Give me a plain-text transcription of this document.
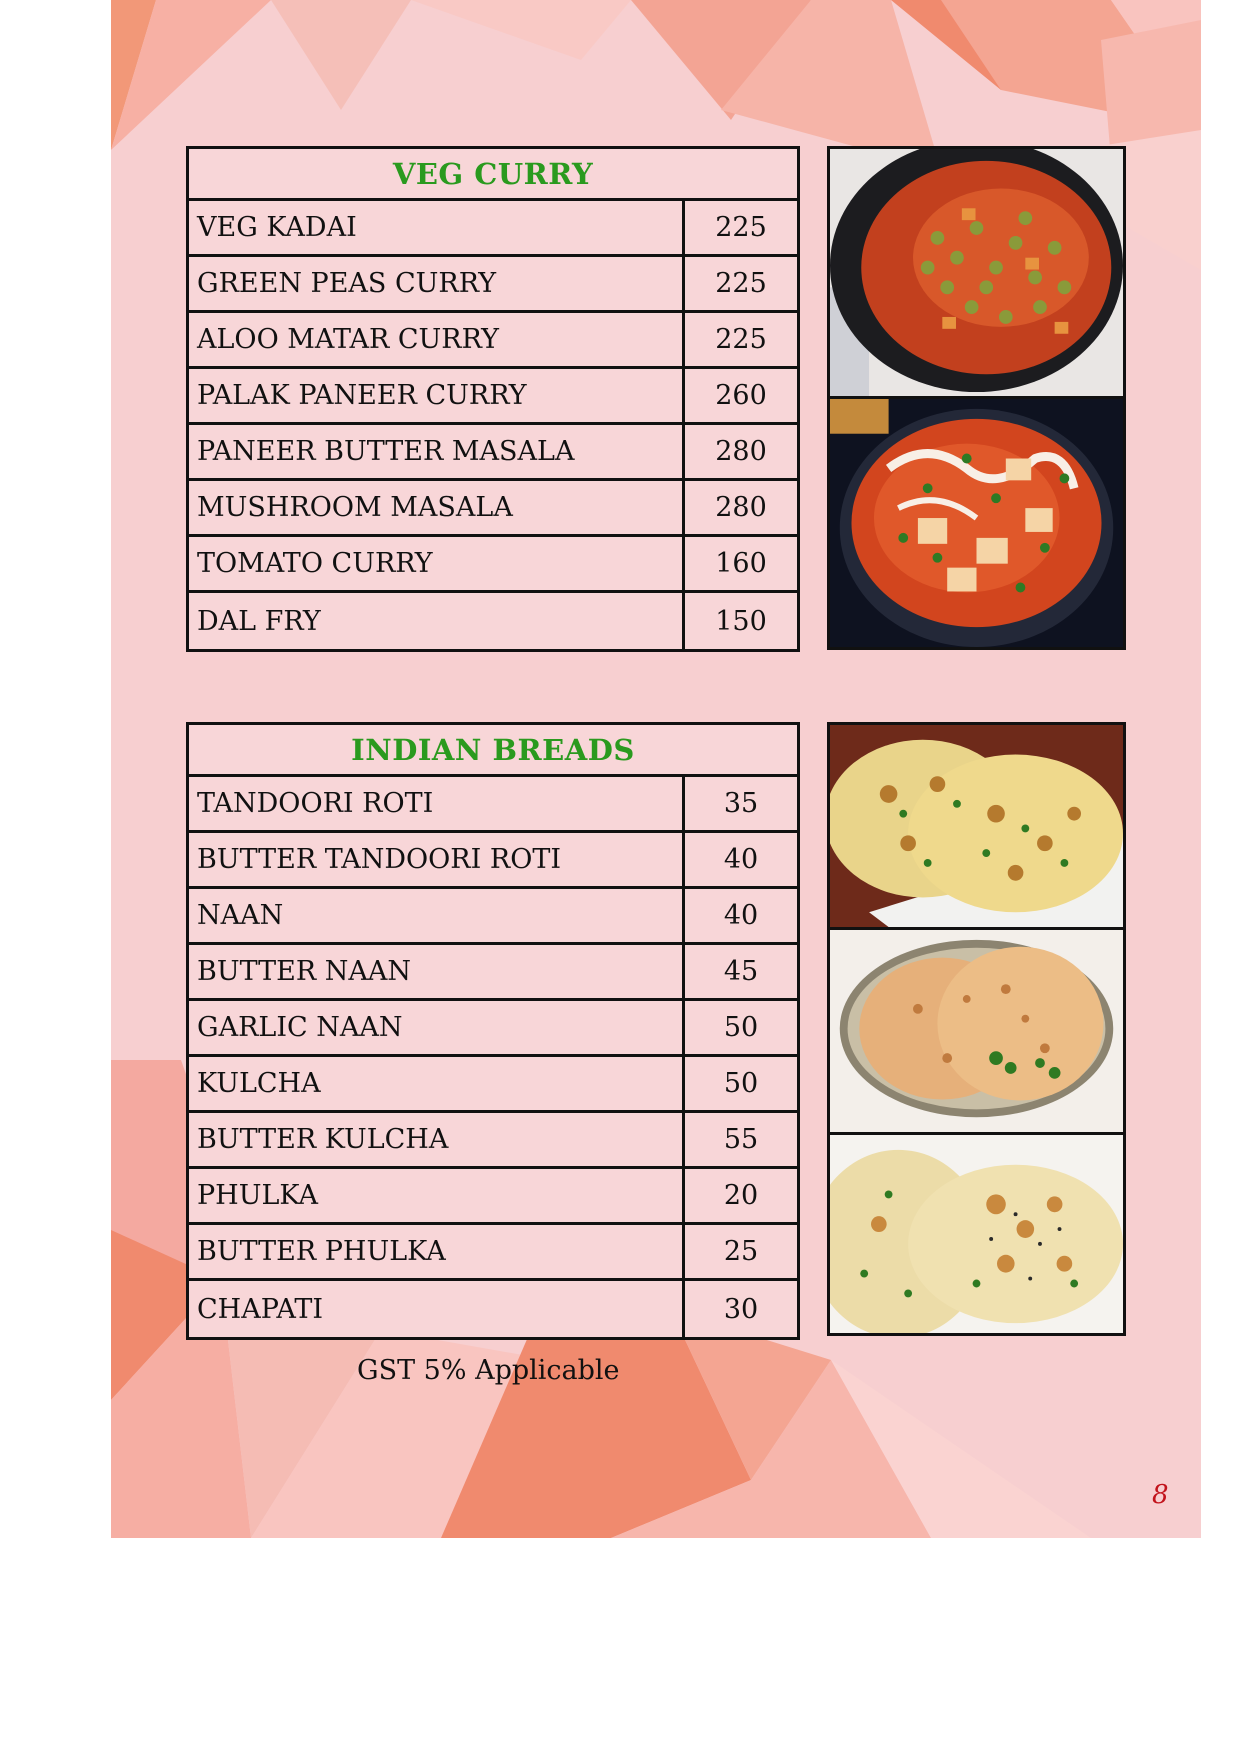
VEG CURRY
VEG KADAI	225
GREEN PEAS CURRY	225
ALOO MATAR CURRY	225
PALAK PANEER CURRY	260
PANEER BUTTER MASALA	280
MUSHROOM MASALA	280
TOMATO CURRY	160
DAL FRY	150
INDIAN BREADS
TANDOORI ROTI	35
BUTTER TANDOORI ROTI	40
NAAN	40
BUTTER NAAN	45
GARLIC NAAN	50
KULCHA	50
BUTTER KULCHA	55
PHULKA	20
BUTTER PHULKA	25
CHAPATI	30
GST 5% Applicable
8
